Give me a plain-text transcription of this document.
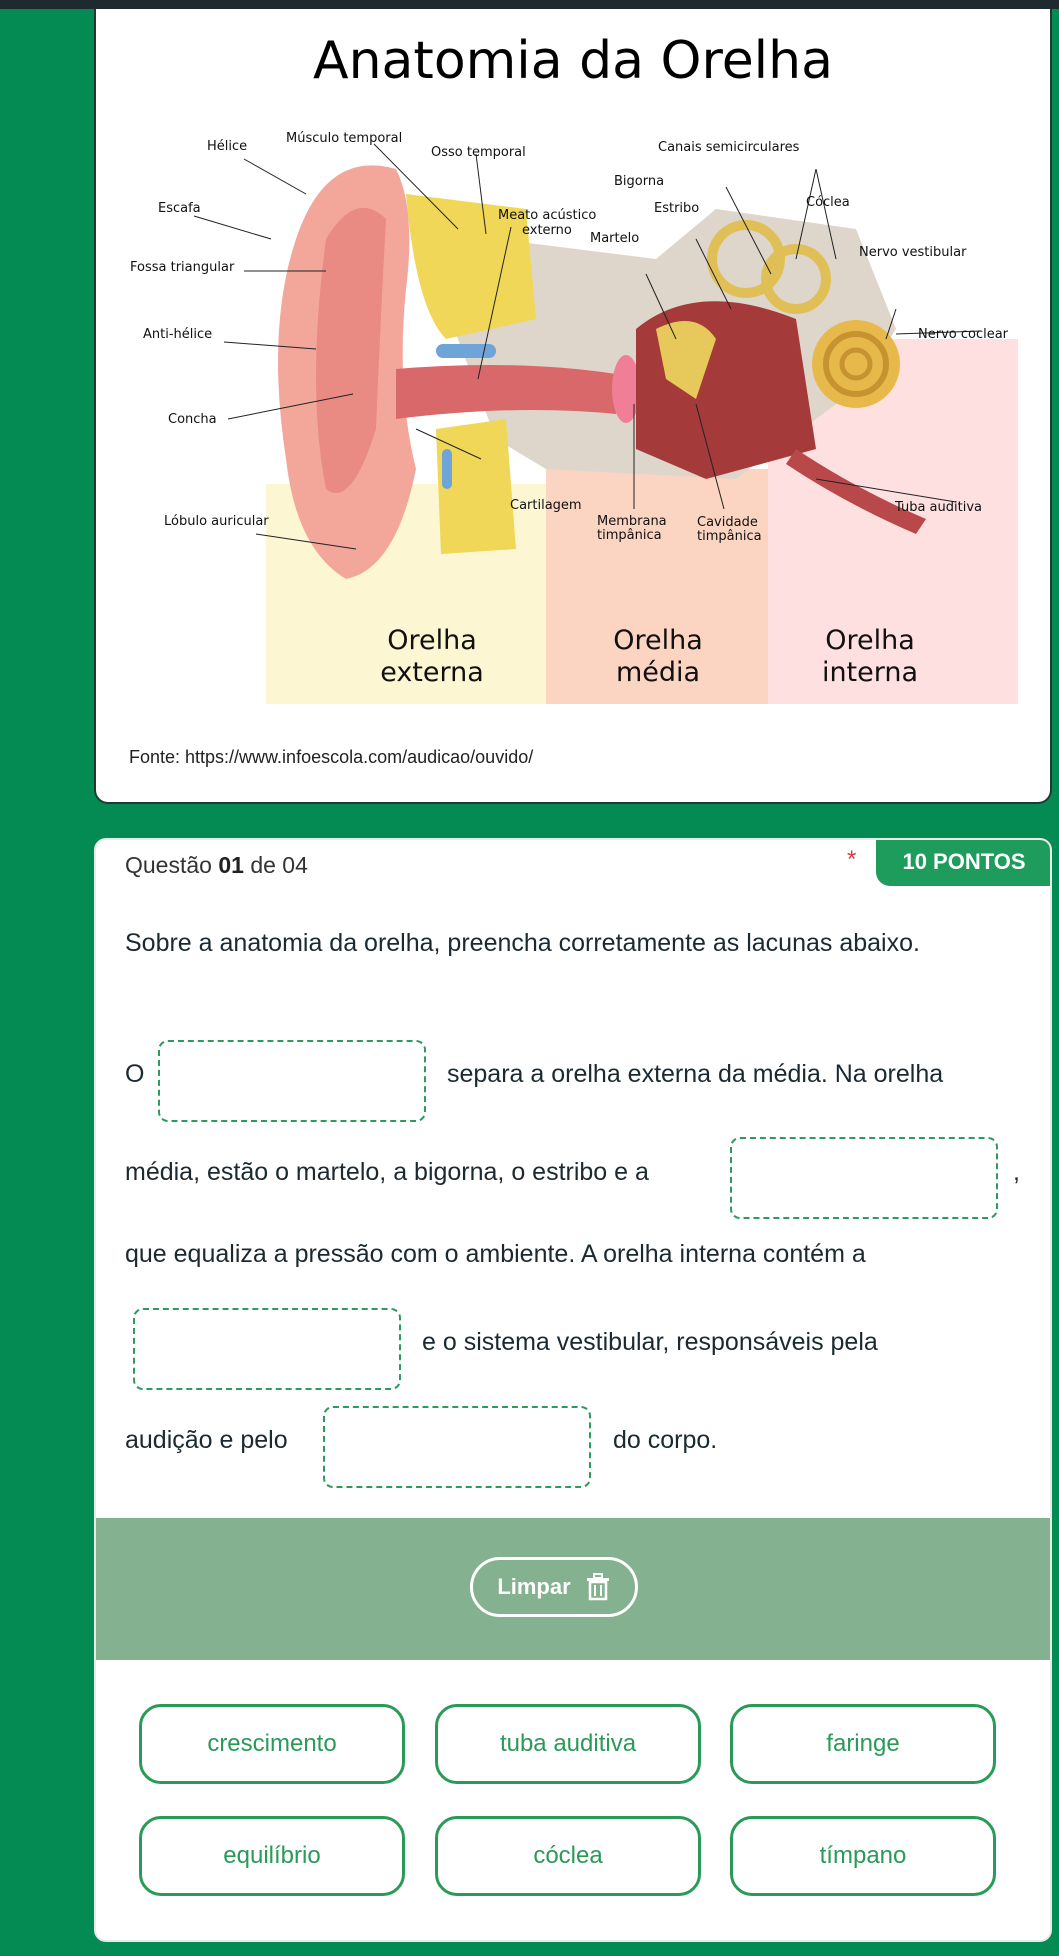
Anatomia da Orelha
Hélice
Músculo temporal
Osso temporal	Canais semicirculares
Bigorna
Escafa	Meato acústico
externo
Estribo	Cóclea
Martelo
Nervo vestibular
Fossa triangular
Anti-hélice	Nervo coclear
Concha
Cartilagem	Tuba auditiva
Lóbulo auricular	Membrana
timpânica
Cavidade
timpânica
Orelha
externa
Orelha
média
Orelha
interna
Fonte: https://www.infoescola.com/audicao/ouvido/
Questão 01 de 04	*	10 PONTOS
Sobre a anatomia da orelha, preencha corretamente as lacunas abaixo.
O	separa a orelha externa da média. Na orelha
média, estão o martelo, a bigorna, o estribo e a	,
que equaliza a pressão com o ambiente. A orelha interna contém a
e o sistema vestibular, responsáveis pela
audição e pelo	do corpo.
Limpar
crescimento	tuba auditiva	faringe
equilíbrio	cóclea	tímpano
